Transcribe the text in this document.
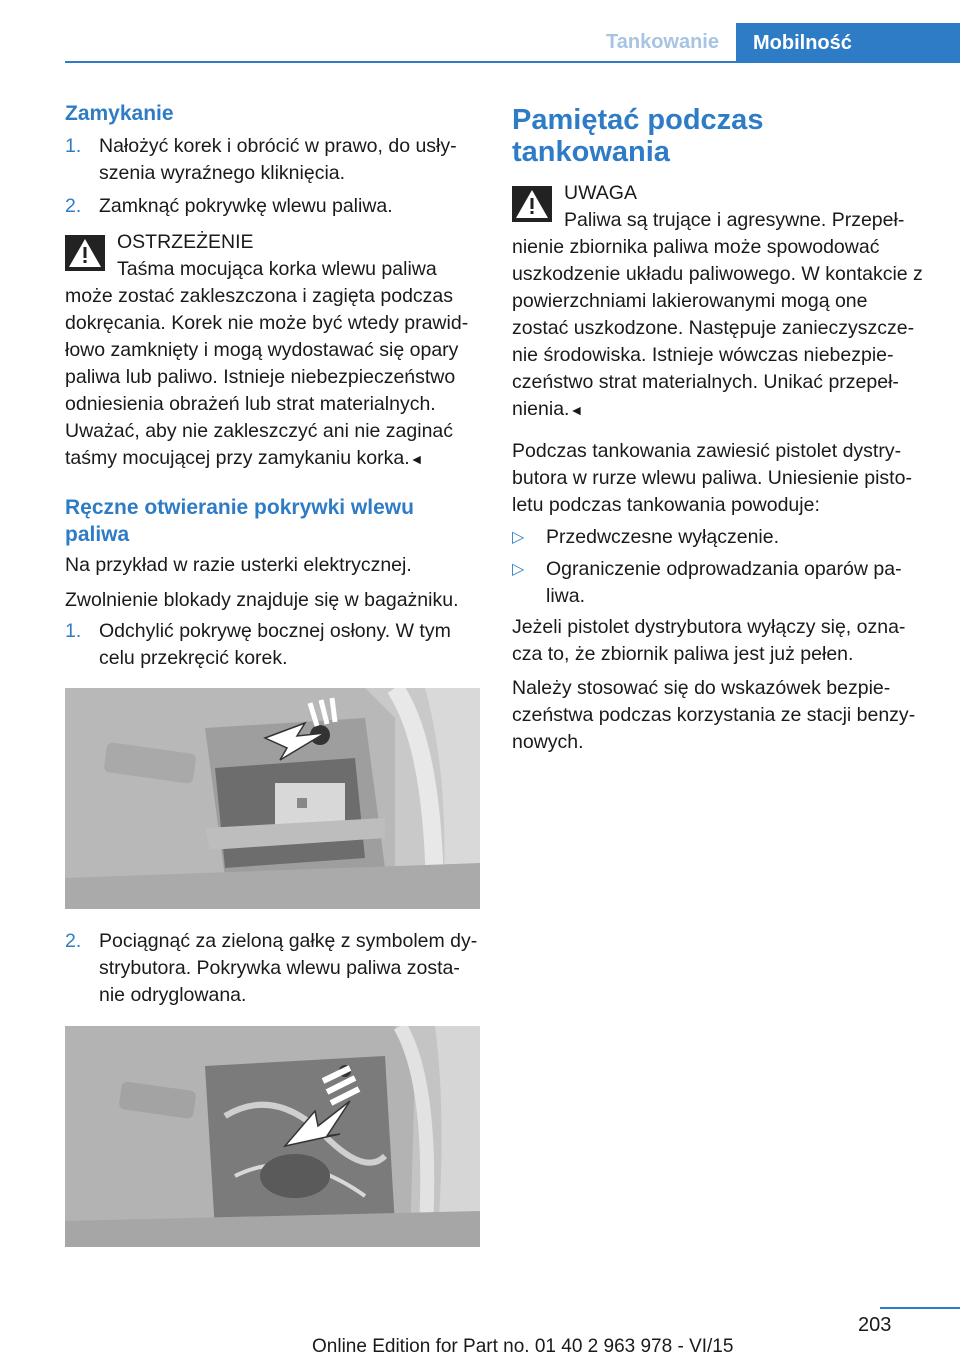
Tankowanie	Mobilność
Zamykanie
1. Nałożyć korek i obrócić w prawo, do usłyszenia wyraźnego kliknięcia.
2. Zamknąć pokrywkę wlewu paliwa.

OSTRZEŻENIE

Taśma mocująca korka wlewu paliwa może zostać zakleszczona i zagięta podczas dokręcania. Korek nie może być wtedy prawidłowo zamknięty i mogą wydostawać się opary paliwa lub paliwo. Istnieje niebezpieczeństwo odniesienia obrażeń lub strat materialnych. Uważać, aby nie zakleszczyć ani nie zaginać taśmy mocującej przy zamykaniu korka.◄

Ręczne otwieranie pokrywki wlewu paliwa

Na przykład w razie usterki elektrycznej.

Zwolnienie blokady znajduje się w bagażniku.

1. Odchylić pokrywę bocznej osłony. W tym celu przekręcić korek.
2. Pociągnąć za zieloną gałkę z symbolem dystrybutora. Pokrywka wlewu paliwa zostanie odryglowana.
Pamiętać podczas tankowania

UWAGA

Paliwa są trujące i agresywne. Przepełnienie zbiornika paliwa może spowodować uszkodzenie układu paliwowego. W kontakcie z powierzchniami lakierowanymi mogą one zostać uszkodzone. Następuje zanieczyszczenie środowiska. Istnieje wówczas niebezpieczeństwo strat materialnych. Unikać przepełnienia.◄

Podczas tankowania zawiesić pistolet dystrybutora w rurze wlewu paliwa. Uniesienie pistoletu podczas tankowania powoduje:

▷ Przedwczesne wyłączenie.
▷ Ograniczenie odprowadzania oparów paliwa.

Jeżeli pistolet dystrybutora wyłączy się, oznacza to, że zbiornik paliwa jest już pełen.

Należy stosować się do wskazówek bezpieczeństwa podczas korzystania ze stacji benzynowych.

203
Online Edition for Part no. 01 40 2 963 978 - VI/15
